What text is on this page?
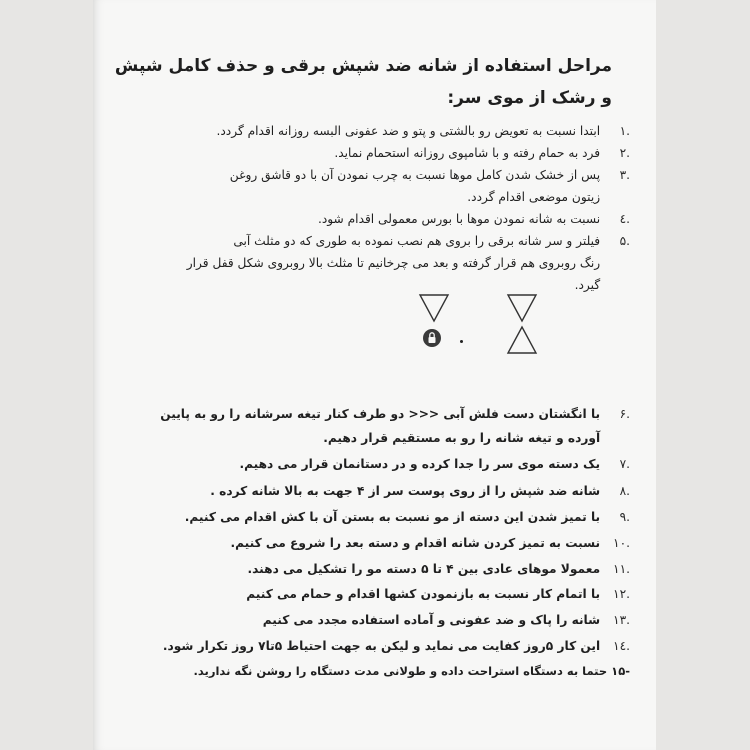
مراحل استفاده از شانه ضد شپش برقی و حذف کامل شپش و رشک از موی سر:
.۱ ابتدا نسبت به تعویض رو بالشتی و پتو و ضد عفونی البسه روزانه اقدام گردد.
.۲ فرد به حمام رفته و با شامپوی روزانه استحمام نماید.
.۳ پس از خشک شدن کامل موها نسبت به چرب نمودن آن با دو قاشق روغن
زیتون موضعی اقدام گردد.
.٤ نسبت به شانه نمودن موها با بورس معمولی اقدام شود.
.۵ فیلتر و سر شانه برقی را بروی هم نصب نموده به طوری که دو مثلث آبی
رنگ روبروی هم قرار گرفته و بعد می چرخانیم تا مثلث بالا روبروی شکل قفل قرار
گیرد.
.۶ با انگشتان دست فلش آبی <<< دو طرف کنار تیغه سرشانه را رو به پایین
آورده و تیغه شانه را رو به مستقیم قرار دهیم.
.۷ یک دسته موی سر را جدا کرده و در دستانمان قرار می دهیم.
.۸ شانه ضد شپش را از روی پوست سر از ۴ جهت به بالا شانه کرده .
.۹ با تمیز شدن این دسته از مو نسبت به بستن آن با کش اقدام می کنیم.
.۱۰ نسبت به تمیز کردن شانه اقدام و دسته بعد را شروع می کنیم.
.۱۱ معمولا موهای عادی بین ۴ تا ۵ دسته مو را تشکیل می دهند.
.۱۲ با اتمام کار نسبت به بازنمودن کشها اقدام و حمام می کنیم
.۱۳ شانه را پاک و ضد عفونی و آماده استفاده مجدد می کنیم
.۱٤ این کار ۵روز کفایت می نماید و لیکن به جهت احتیاط ۵تا۷ روز تکرار شود.
-۱۵ حتما به دستگاه استراحت داده و طولانی مدت دستگاه را روشن نگه ندارید.
